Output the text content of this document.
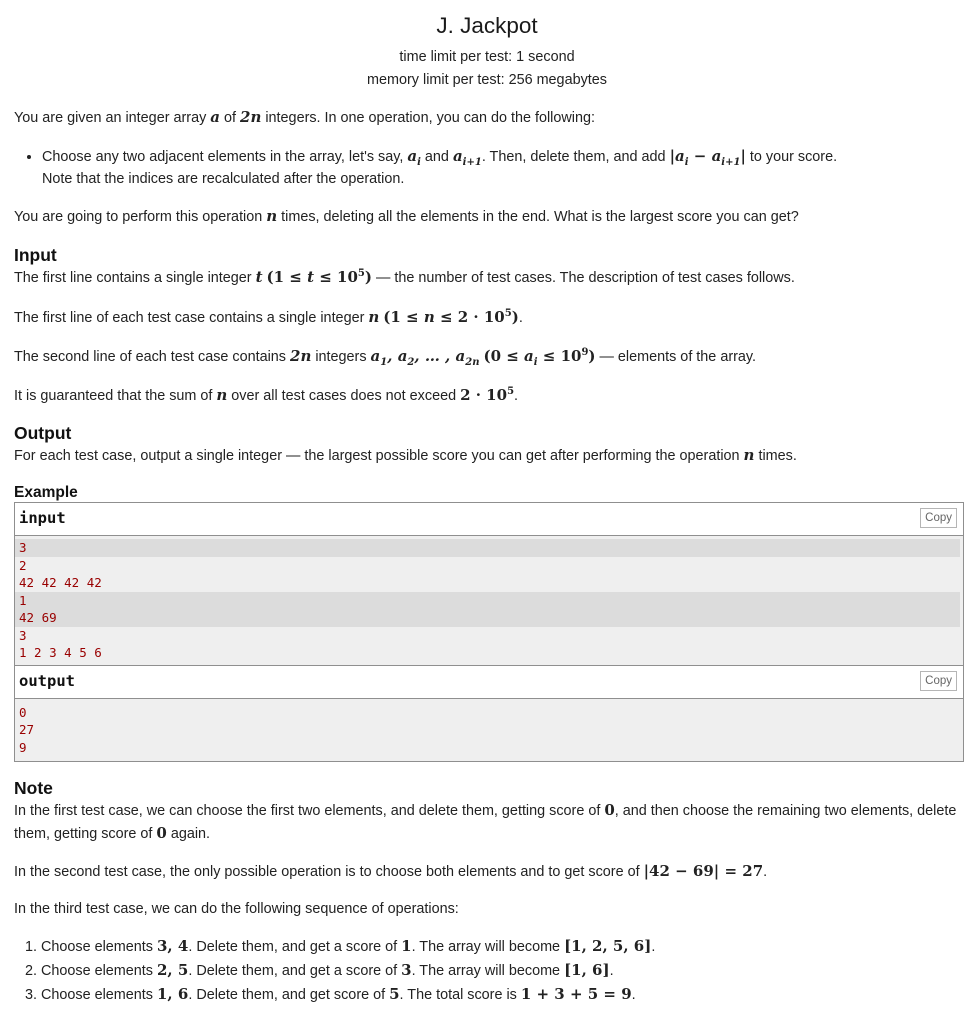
J. Jackpot
time limit per test: 1 second
memory limit per test: 256 megabytes

You are given an integer array a of 2n integers. In one operation, you can do the following:

• Choose any two adjacent elements in the array, let's say, $a_i$ and $a_{i+1}$. Then, delete them, and add $|a_i - a_{i+1}|$ to your score.
Note that the indices are recalculated after the operation.

You are going to perform this operation n times, deleting all the elements in the end. What is the largest score you can get?

Input

The first line contains a single integer t $(1 \le t \le 10^5)$ — the number of test cases. The description of test cases follows.

The first line of each test case contains a single integer n $(1 \le n \le 2 \cdot 10^5)$.

The second line of each test case contains 2n integers $a_1$, $a_2$, … , $a_{2n}$ $(0 \le a_i \le 10^9)$ — elements of the array.

It is guaranteed that the sum of n over all test cases does not exceed $2 \cdot 10^5$.

Output

For each test case, output a single integer — the largest possible score you can get after performing the operation n times.

Example
input	Copy
3
2
42 42 42 42
1
42 69
3
1 2 3 4 5 6
output	Copy
0
27
9
Note

In the first test case, we can choose the first two elements, and delete them, getting score of 0, and then choose the remaining two elements, delete them, getting score of 0 again.

In the second test case, the only possible operation is to choose both elements and to get score of |42 − 69| = 27.

In the third test case, we can do the following sequence of operations:

1. Choose elements 3, 4. Delete them, and get a score of 1. The array will become [1, 2, 5, 6].
2. Choose elements 2, 5. Delete them, and get a score of 3. The array will become [1, 6].
3. Choose elements 1, 6. Delete them, and get score of 5. The total score is 1 + 3 + 5 = 9.
